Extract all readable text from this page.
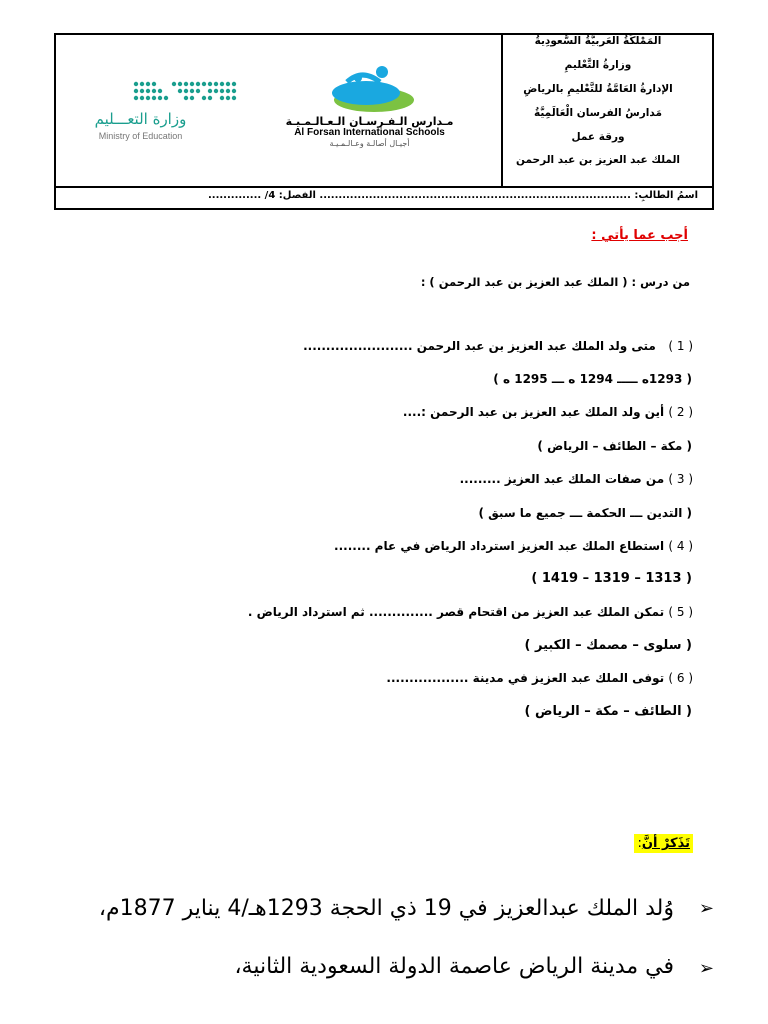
المَمْلكَةُ العَربيَّةُ السُّعودِيةُ
وزارةُ التَّعْليمِ
الإدارةُ العَامَّةُ للتَّعْليمِ بالرياضِ
مَدارسُ الفرسان الْعَالَمِيَّةُ
ورقة عمل
الملك عبد العزيز بن عبد الرحمن
اسمُ الطالبِ: .................................................................................. الفصل: 4/ ..............
مـدارس الـفـرسـان الـعـالـمـيـة
Al Forsan International Schools
أجيـال أصالـة وعـالـمـيـة
وزارة التعـــليم
Ministry of Education
أجب عما يأتي :
من درس : ( الملك عبد العزيز بن عبد الرحمن ) :
( 1 )   متى ولد الملك عبد العزيز بن عبد الرحمن ........................
( 1293ه ـــــ 1294 ه ـــ 1295 ه )
( 2 ) أين ولد الملك عبد العزيز بن عبد الرحمن :....
( مكة – الطائف – الرياض )
( 3 ) من صفات الملك عبد العزيز .........
( التدين ـــ الحكمة ـــ جميع ما سبق )
( 4 ) استطاع الملك عبد العزيز استرداد الرياض في عام ........
( 1419 – 1319 – 1313 )
( 5 ) تمكن الملك عبد العزيز من اقتحام قصر .............. ثم استرداد الرياض .
( سلوى – مصمك – الكبير )
( 6 ) توفى الملك عبد العزيز في مدينة ..................
( الطائف – مكة – الرياض )
تَذَكرْ أنَّ:
➢
وُلد الملك عبدالعزيز في 19 ذي الحجة 1293هـ/4 يناير 1877م،
➢
في مدينة الرياض عاصمة الدولة السعودية الثانية،
